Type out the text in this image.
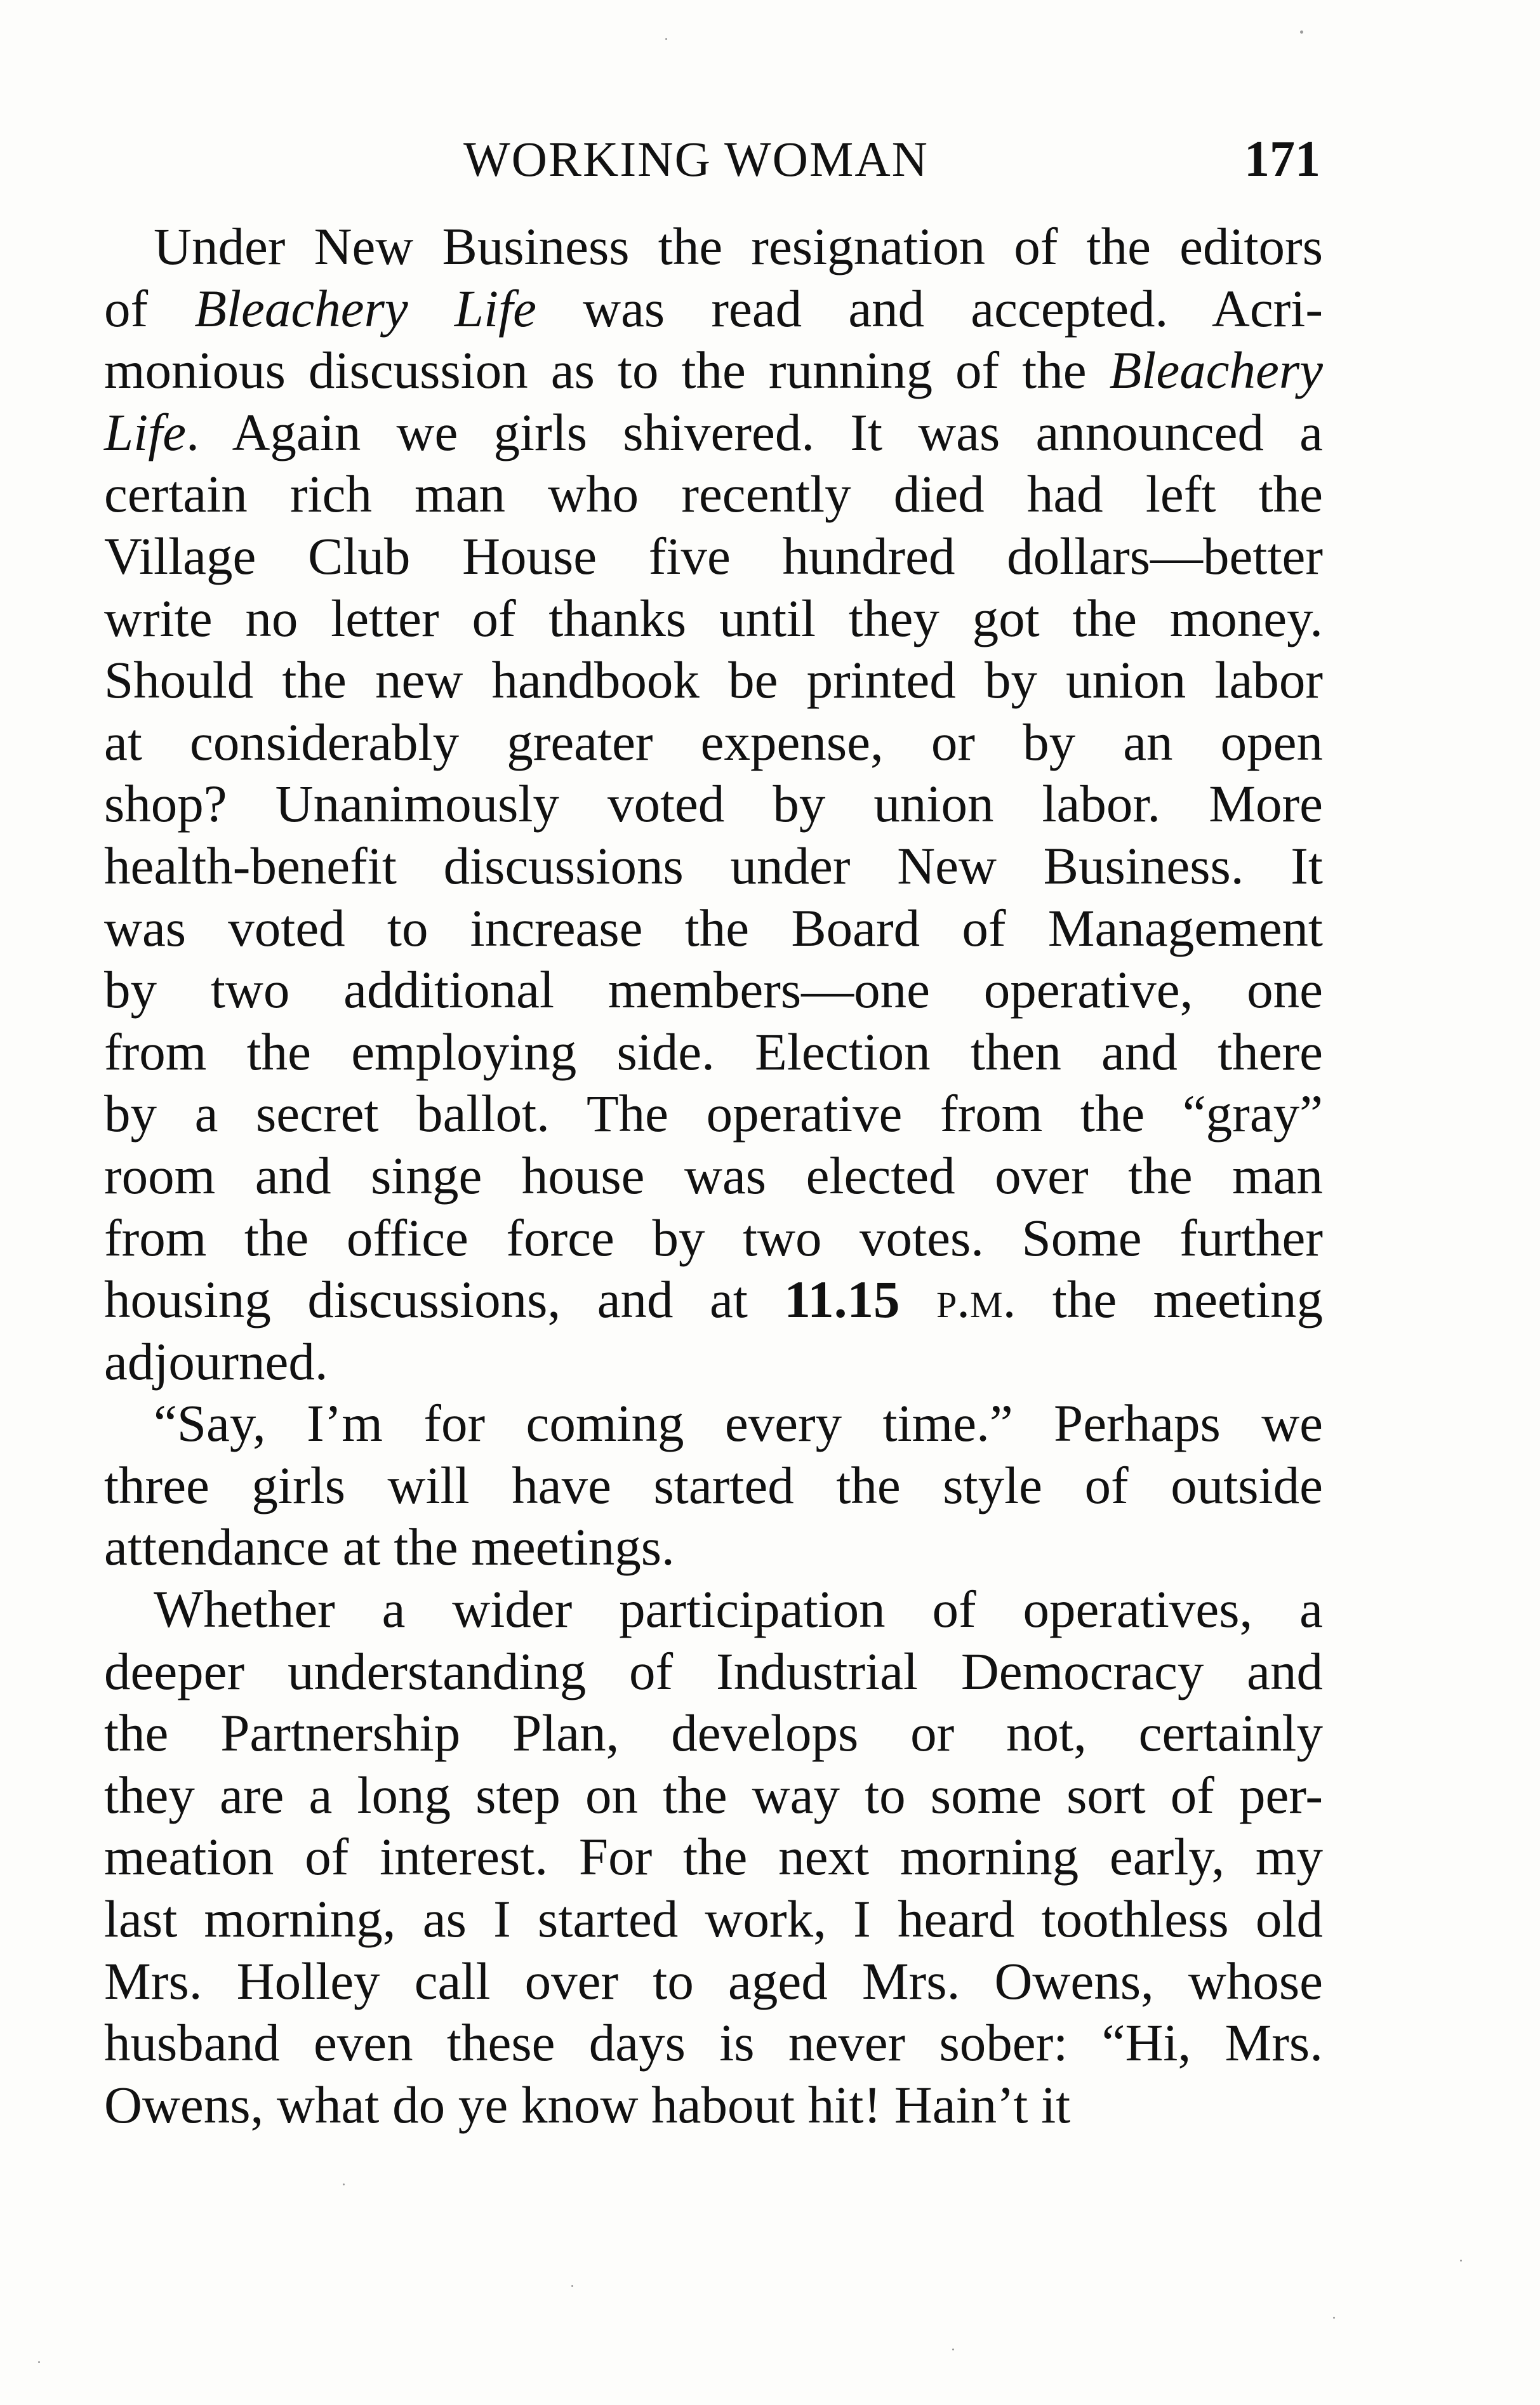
WORKING WOMAN	171
Under New Business the resignation of the editors
of Bleachery Life was read and accepted. Acri-
monious discussion as to the running of the Bleachery
Life. Again we girls shivered. It was announced a
certain rich man who recently died had left the
Village Club House five hundred dollars—better
write no letter of thanks until they got the money.
Should the new handbook be printed by union labor
at considerably greater expense, or by an open
shop? Unanimously voted by union labor. More
health-benefit discussions under New Business. It
was voted to increase the Board of Management
by two additional members—one operative, one
from the employing side. Election then and there
by a secret ballot. The operative from the “gray”
room and singe house was elected over the man
from the office force by two votes. Some further
housing discussions, and at 11.15 p.m. the meeting
adjourned.
“Say, I’m for coming every time.” Perhaps we
three girls will have started the style of outside
attendance at the meetings.
Whether a wider participation of operatives, a
deeper understanding of Industrial Democracy and
the Partnership Plan, develops or not, certainly
they are a long step on the way to some sort of per-
meation of interest. For the next morning early, my
last morning, as I started work, I heard toothless old
Mrs. Holley call over to aged Mrs. Owens, whose
husband even these days is never sober: “Hi, Mrs.
Owens, what do ye know habout hit! Hain’t it
